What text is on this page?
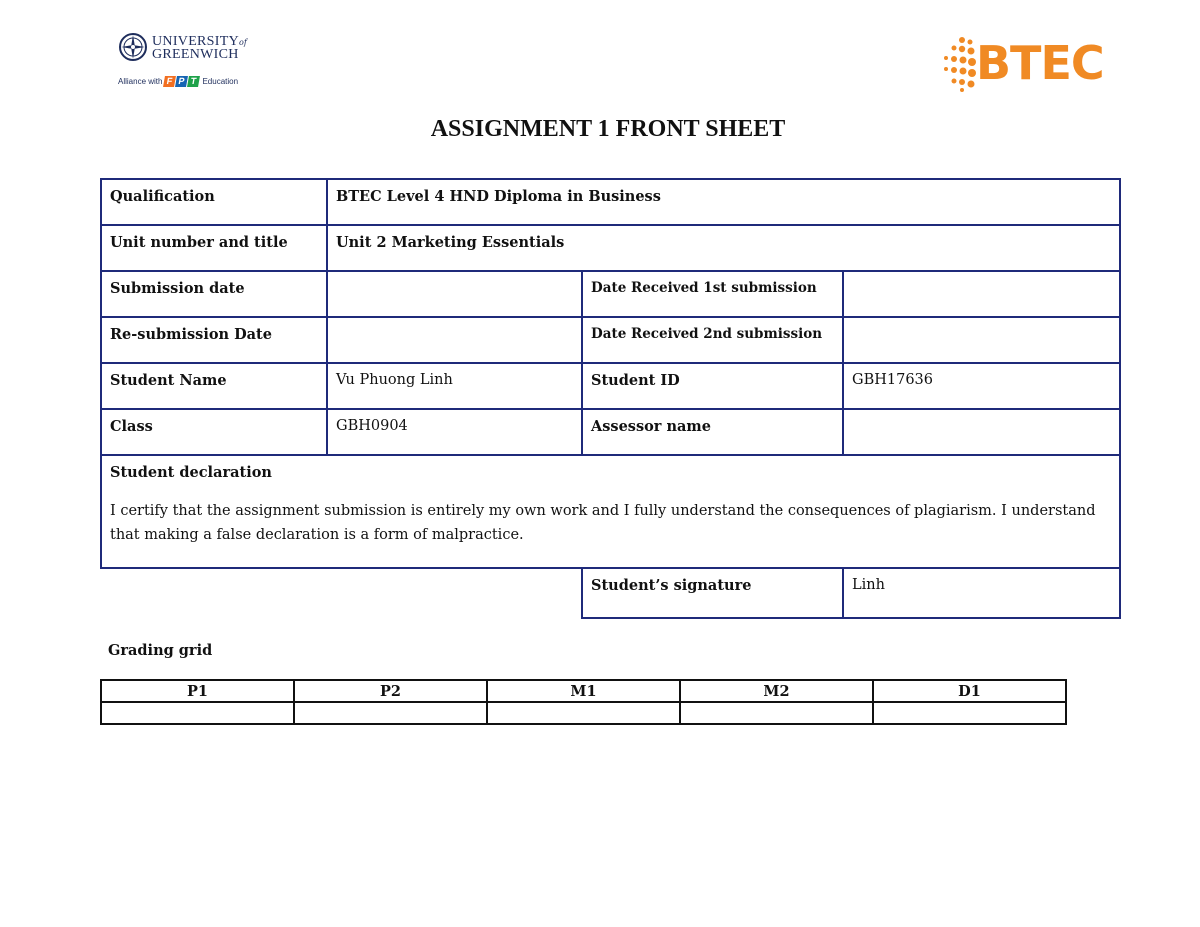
UNIVERSITYof
GREENWICH
Alliance with F P T Education	BTEC
ASSIGNMENT 1 FRONT SHEET
Qualification	BTEC Level 4 HND Diploma in Business		
Unit number and title	Unit 2 Marketing Essentials		
Submission date		Date Received 1st submission	
Re-submission Date		Date Received 2nd submission	
Student Name	Vu Phuong Linh	Student ID	GBH17636
Class	GBH0904	Assessor name	

Student declaration
I certify that the assignment submission is entirely my own work and I fully understand the consequences of plagiarism. I understand that making a false declaration is a form of malpractice.			

		Student’s signature	Linh
Grading grid
P1	P2	M1	M2	D1
